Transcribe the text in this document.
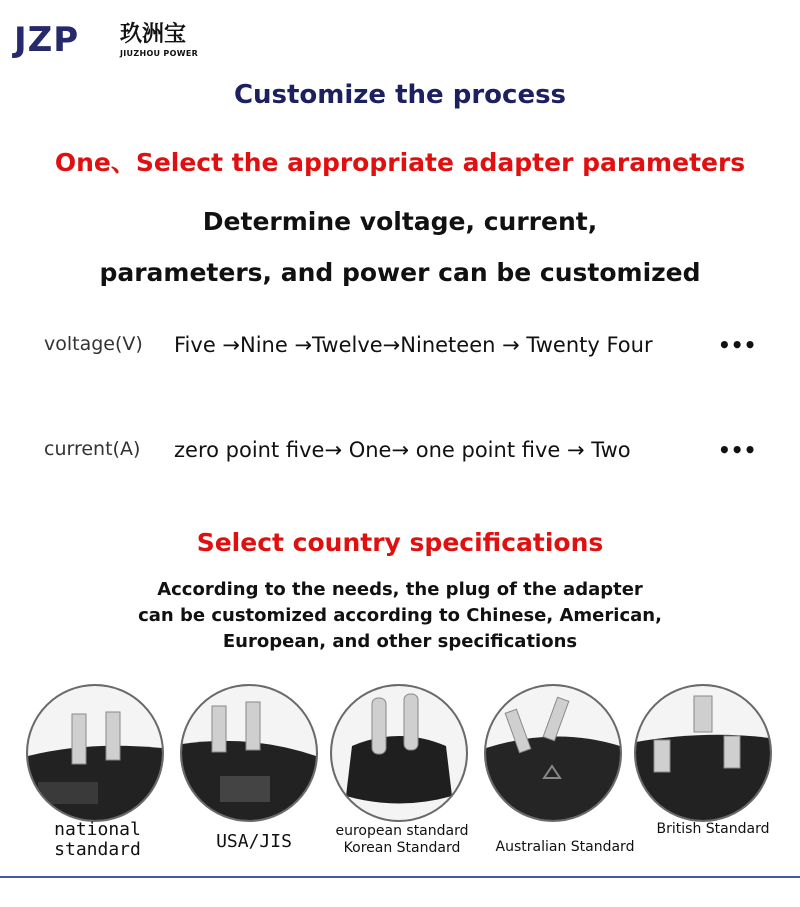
JZP 玖洲宝
JIUZHOU POWER
Customize the process
One、Select the appropriate adapter parameters
Determine voltage, current,
parameters, and power can be customized
voltage(V) Five →Nine →Twelve→Nineteen → Twenty Four	•••
current(A) zero point five→ One→ one point five → Two	•••
Select country specifications
According to the needs, the plug of the adapter
can be customized according to Chinese, American,
European, and other specifications
national
standard	USA/JIS	european standard
Korean Standard	Australian Standard
British Standard
